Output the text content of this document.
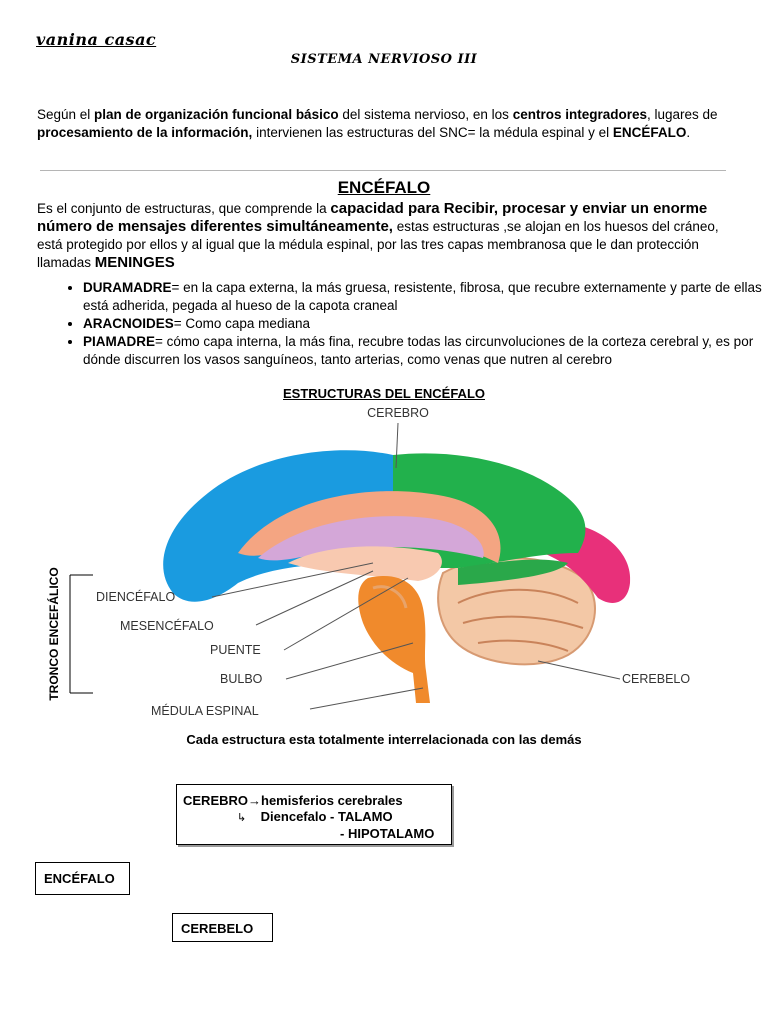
vanina casac
SISTEMA NERVIOSO III
Según el plan de organización funcional básico del sistema nervioso, en los centros integradores, lugares de procesamiento de la información, intervienen las estructuras del SNC= la médula espinal y el ENCÉFALO.
ENCÉFALO
Es el conjunto de estructuras, que comprende la capacidad para Recibir, procesar y enviar un enorme número de mensajes diferentes simultáneamente, estas estructuras ,se alojan en los huesos del cráneo, está protegido por ellos y al igual que la médula espinal, por las tres capas membranosa que le dan protección llamadas MENINGES
• DURAMADRE= en la capa externa, la más gruesa, resistente, fibrosa, que recubre externamente y parte de ellas está adherida, pegada al hueso de la capota craneal
• ARACNOIDES= Como capa mediana
• PIAMADRE= cómo capa interna, la más fina, recubre todas las circunvoluciones de la corteza cerebral y, es por dónde discurren los vasos sanguíneos, tanto arterias, como venas que nutren al cerebro
ESTRUCTURAS DEL ENCÉFALO
TRONCO ENCEFÁLICO
CEREBRO
DIENCÉFALO
MESENCÉFALO
PUENTE
BULBO
MÉDULA ESPINAL
CEREBELO
Cada estructura esta totalmente interrelacionada con las demás
CEREBRO→hemisferios cerebrales
↳ Diencefalo - TALAMO
- HIPOTALAMO
ENCÉFALO
CEREBELO
